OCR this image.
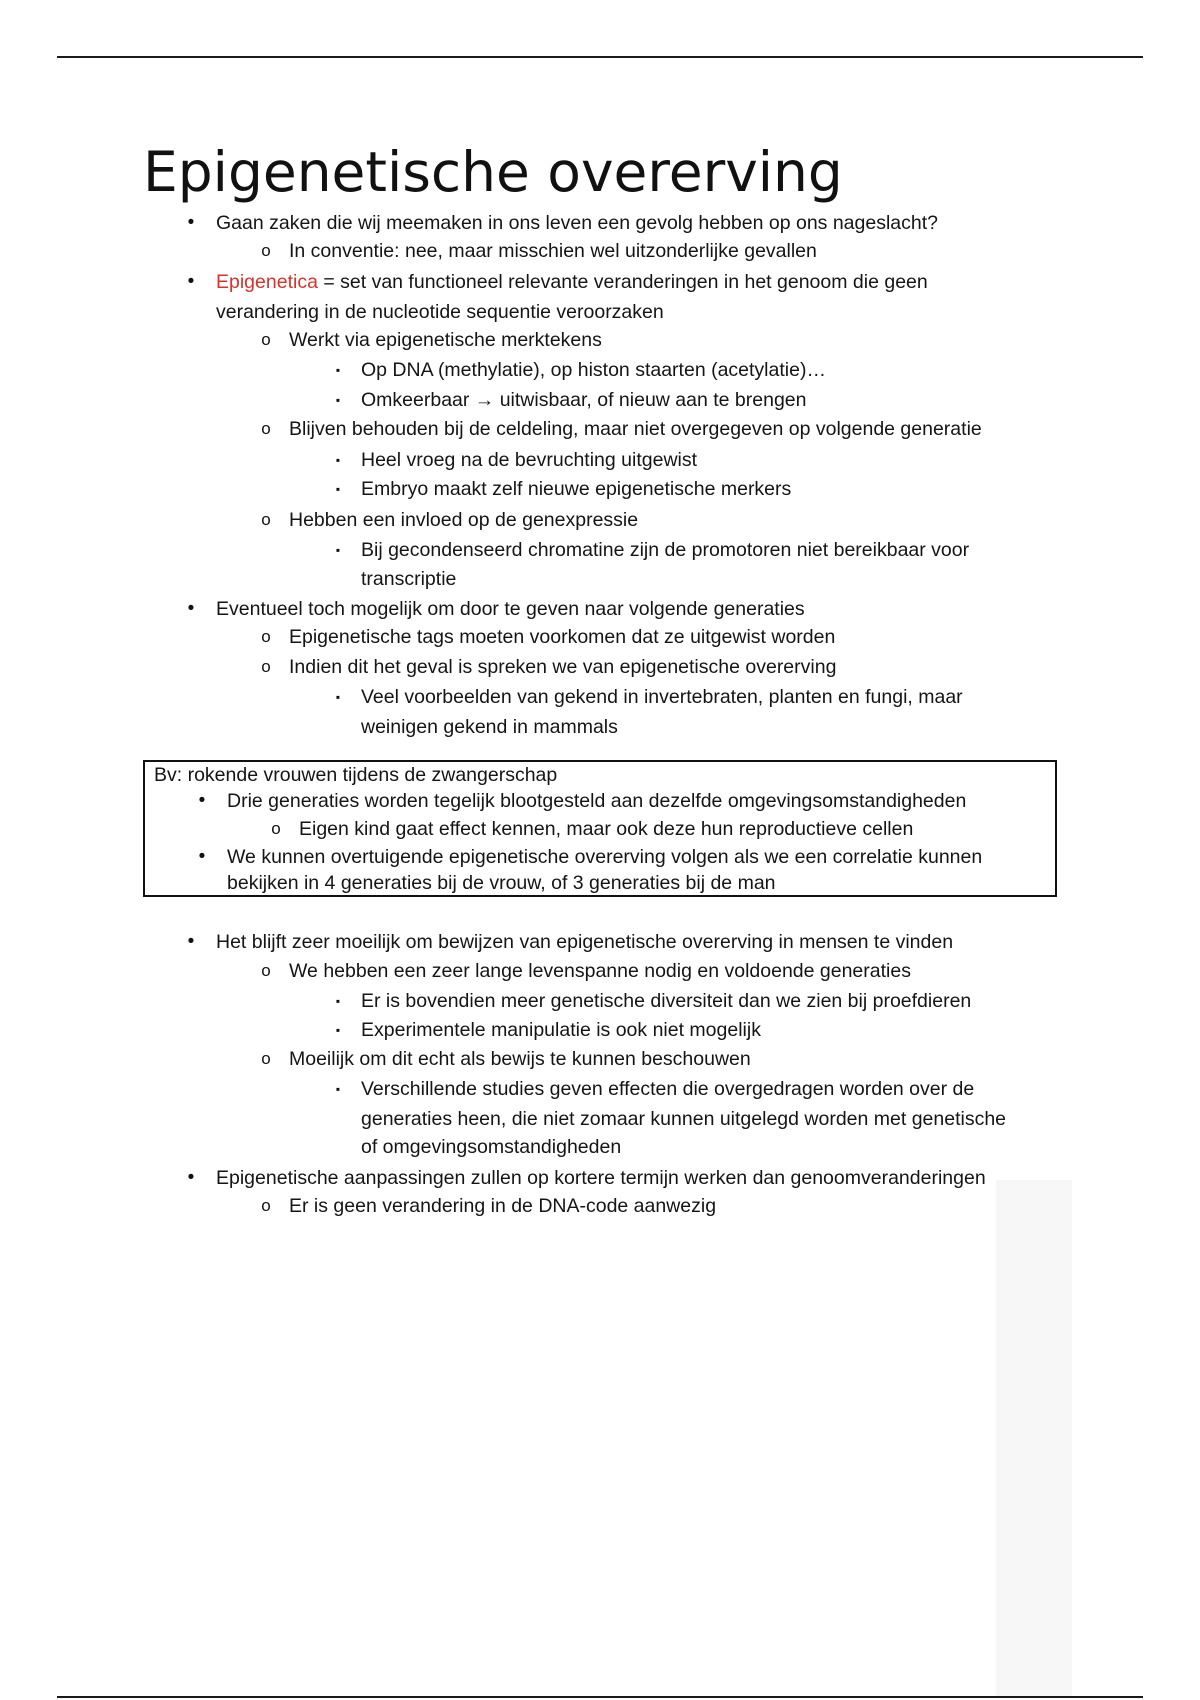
Epigenetische overerving
•	Gaan zaken die wij meemaken in ons leven een gevolg hebben op ons nageslacht?
o In conventie: nee, maar misschien wel uitzonderlijke gevallen
•	Epigenetica = set van functioneel relevante veranderingen in het genoom die geen
verandering in de nucleotide sequentie veroorzaken
o Werkt via epigenetische merktekens
▪	Op DNA (methylatie), op histon staarten (acetylatie)…
▪	Omkeerbaar → uitwisbaar, of nieuw aan te brengen
o Blijven behouden bij de celdeling, maar niet overgegeven op volgende generatie
▪	Heel vroeg na de bevruchting uitgewist
▪	Embryo maakt zelf nieuwe epigenetische merkers
o Hebben een invloed op de genexpressie
▪	Bij gecondenseerd chromatine zijn de promotoren niet bereikbaar voor
transcriptie
•	Eventueel toch mogelijk om door te geven naar volgende generaties
o Epigenetische tags moeten voorkomen dat ze uitgewist worden
o Indien dit het geval is spreken we van epigenetische overerving
▪	Veel voorbeelden van gekend in invertebraten, planten en fungi, maar
weinigen gekend in mammals
Bv: rokende vrouwen tijdens de zwangerschap
•	Drie generaties worden tegelijk blootgesteld aan dezelfde omgevingsomstandigheden
o Eigen kind gaat effect kennen, maar ook deze hun reproductieve cellen
•	We kunnen overtuigende epigenetische overerving volgen als we een correlatie kunnen
bekijken in 4 generaties bij de vrouw, of 3 generaties bij de man
•	Het blijft zeer moeilijk om bewijzen van epigenetische overerving in mensen te vinden
o We hebben een zeer lange levenspanne nodig en voldoende generaties
▪	Er is bovendien meer genetische diversiteit dan we zien bij proefdieren
▪	Experimentele manipulatie is ook niet mogelijk
o Moeilijk om dit echt als bewijs te kunnen beschouwen
▪	Verschillende studies geven effecten die overgedragen worden over de
generaties heen, die niet zomaar kunnen uitgelegd worden met genetische
of omgevingsomstandigheden
•	Epigenetische aanpassingen zullen op kortere termijn werken dan genoomveranderingen
o Er is geen verandering in de DNA-code aanwezig
